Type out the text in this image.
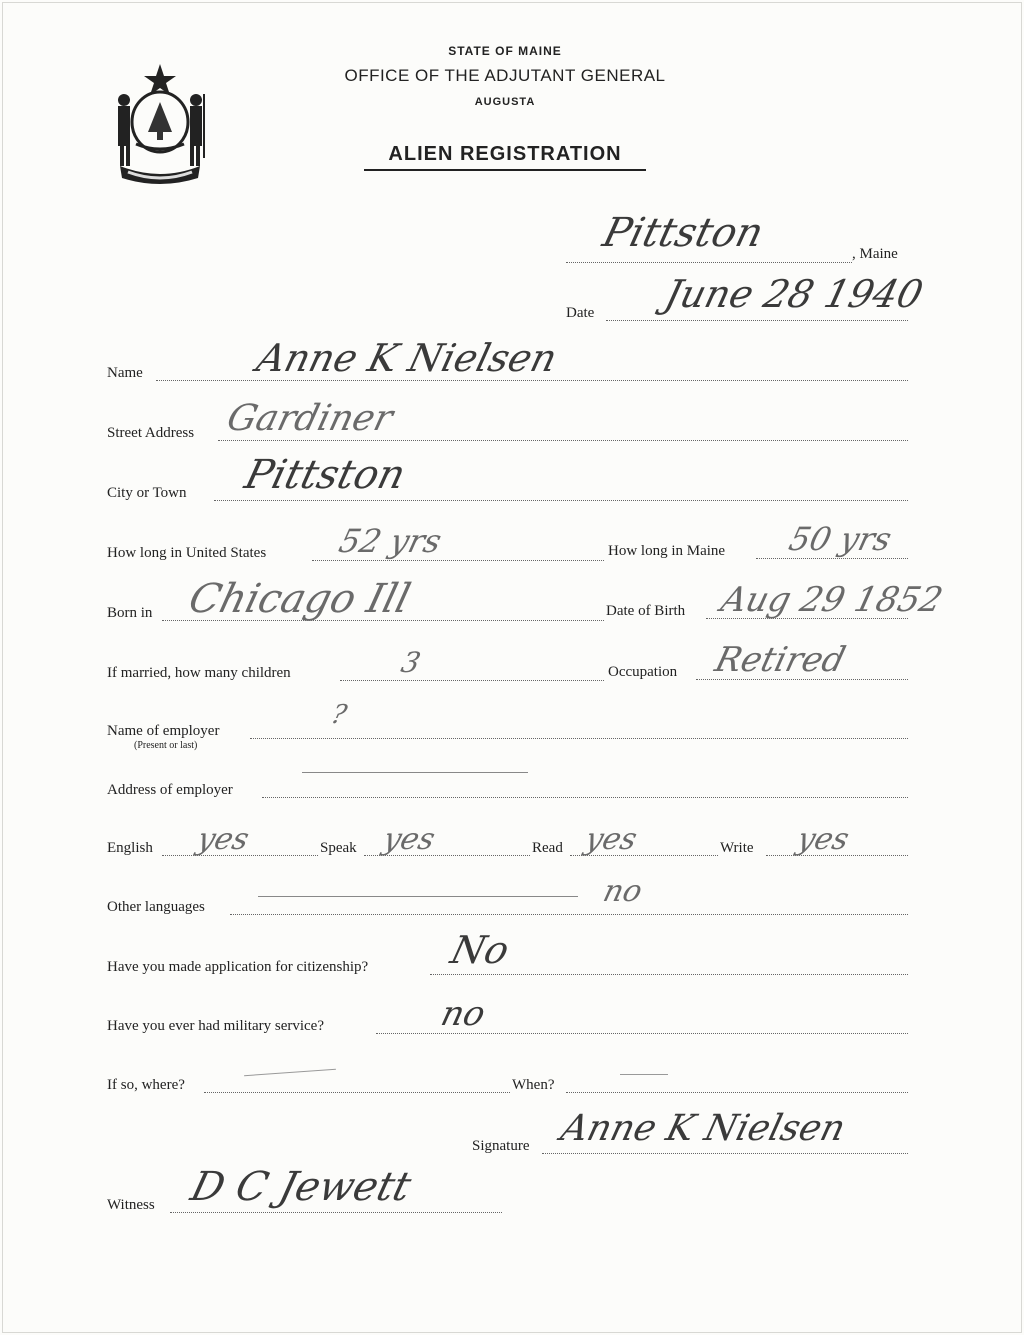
STATE OF MAINE
OFFICE OF THE ADJUTANT GENERAL
AUGUSTA
ALIEN REGISTRATION
Pittston	, Maine
Date June 28 1940
Name	Anne K Nielsen
Street Address Gardiner
City or Town Pittston
How long in United States 52 yrs	How long in Maine 50 yrs
Born in Chicago Ill	Date of Birth Aug 29 1852
If married, how many children	3	Occupation Retired
Name of employer
(Present or last)
?
Address of employer
English yes	Speak yes	Read yes	Write yes
Other languages	no
Have you made application for citizenship? No
Have you ever had military service?	no
If so, where?	When?
Signature Anne K Nielsen
Witness D C Jewett
